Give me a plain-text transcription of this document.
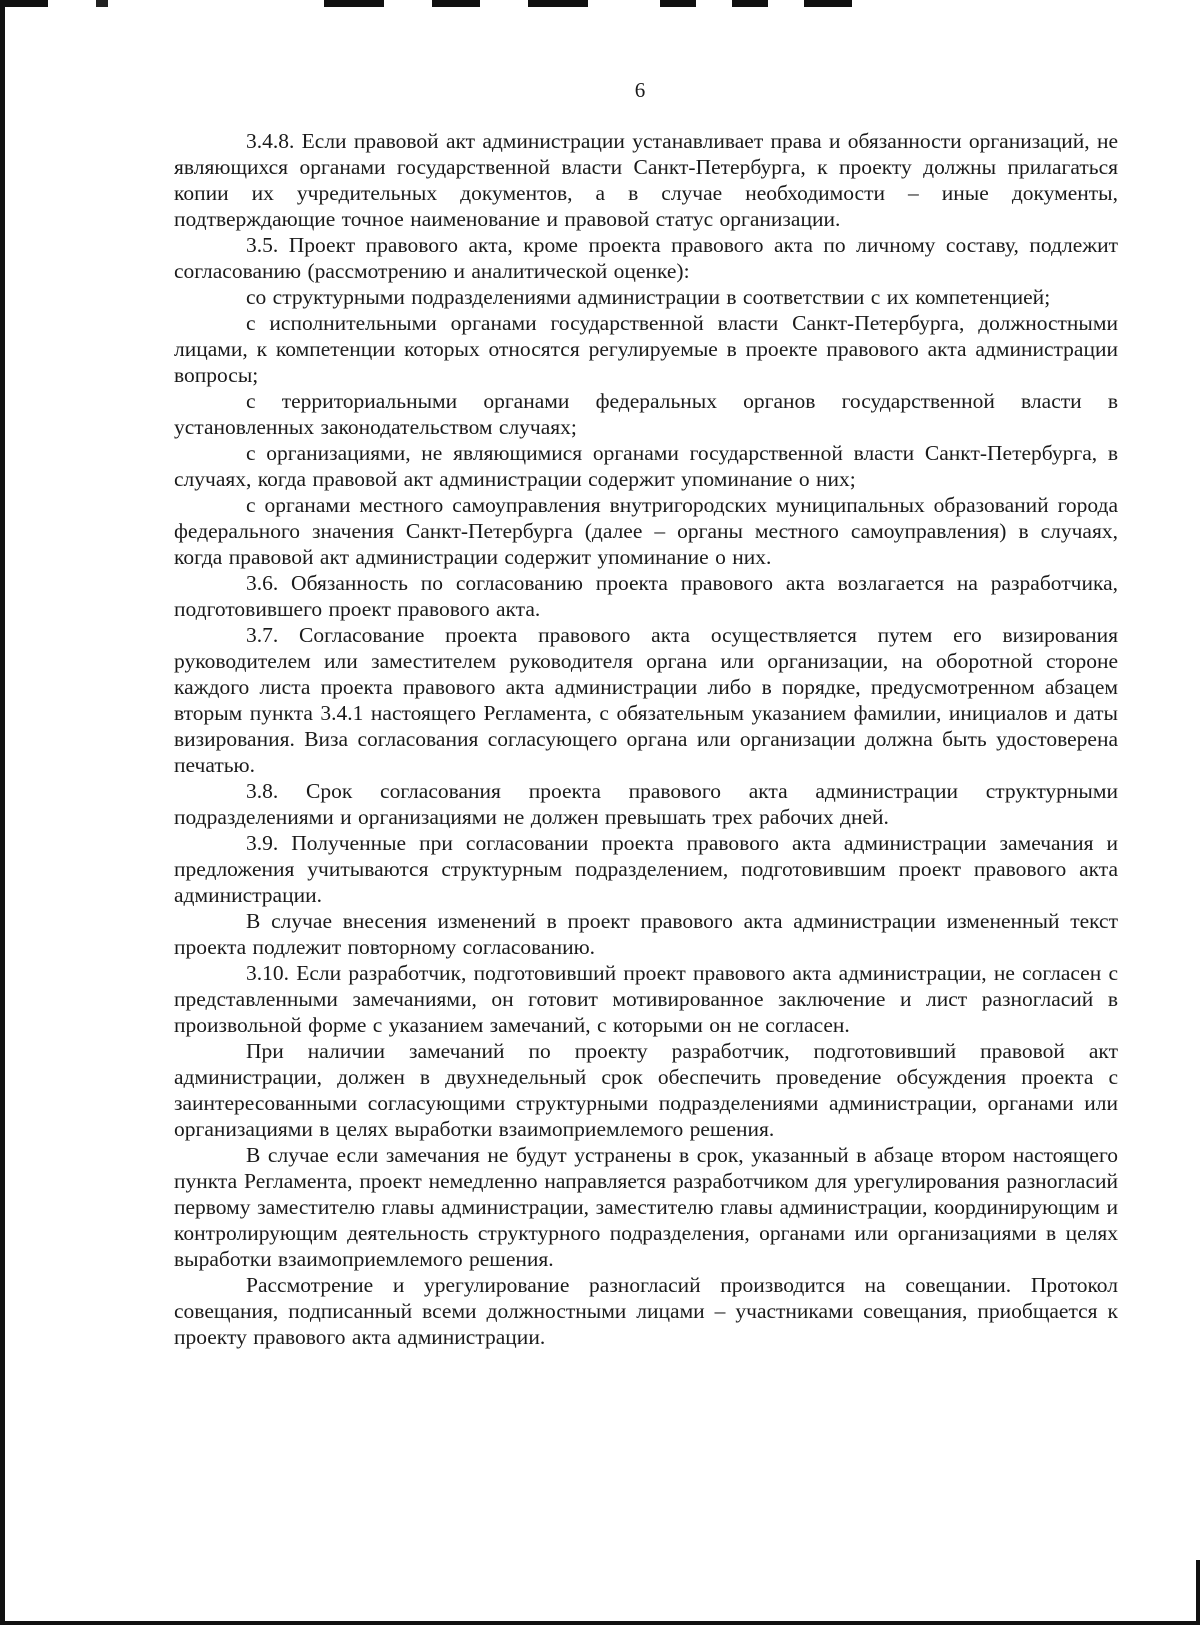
6

3.4.8. Если правовой акт администрации устанавливает права и обязанности организаций, не являющихся органами государственной власти Санкт-Петербурга, к проекту должны прилагаться копии их учредительных документов, а в случае необходимости – иные документы, подтверждающие точное наименование и правовой статус организации.

3.5. Проект правового акта, кроме проекта правового акта по личному составу, подлежит согласованию (рассмотрению и аналитической оценке):

со структурными подразделениями администрации в соответствии с их компетенцией;

с исполнительными органами государственной власти Санкт-Петербурга, должностными лицами, к компетенции которых относятся регулируемые в проекте правового акта администрации вопросы;

с территориальными органами федеральных органов государственной власти в установленных законодательством случаях;

с организациями, не являющимися органами государственной власти Санкт-Петербурга, в случаях, когда правовой акт администрации содержит упоминание о них;

с органами местного самоуправления внутригородских муниципальных образований города федерального значения Санкт-Петербурга (далее – органы местного самоуправления) в случаях, когда правовой акт администрации содержит упоминание о них.

3.6. Обязанность по согласованию проекта правового акта возлагается на разработчика, подготовившего проект правового акта.

3.7. Согласование проекта правового акта осуществляется путем его визирования руководителем или заместителем руководителя органа или организации, на оборотной стороне каждого листа проекта правового акта администрации либо в порядке, предусмотренном абзацем вторым пункта 3.4.1 настоящего Регламента, с обязательным указанием фамилии, инициалов и даты визирования. Виза согласования согласующего органа или организации должна быть удостоверена печатью.

3.8. Срок согласования проекта правового акта администрации структурными подразделениями и организациями не должен превышать трех рабочих дней.

3.9. Полученные при согласовании проекта правового акта администрации замечания и предложения учитываются структурным подразделением, подготовившим проект правового акта администрации.

В случае внесения изменений в проект правового акта администрации измененный текст проекта подлежит повторному согласованию.

3.10. Если разработчик, подготовивший проект правового акта администрации, не согласен с представленными замечаниями, он готовит мотивированное заключение и лист разногласий в произвольной форме с указанием замечаний, с которыми он не согласен.

При наличии замечаний по проекту разработчик, подготовивший правовой акт администрации, должен в двухнедельный срок обеспечить проведение обсуждения проекта с заинтересованными согласующими структурными подразделениями администрации, органами или организациями в целях выработки взаимоприемлемого решения.

В случае если замечания не будут устранены в срок, указанный в абзаце втором настоящего пункта Регламента, проект немедленно направляется разработчиком для урегулирования разногласий первому заместителю главы администрации, заместителю главы администрации, координирующим и контролирующим деятельность структурного подразделения, органами или организациями в целях выработки взаимоприемлемого решения.

Рассмотрение и урегулирование разногласий производится на совещании. Протокол совещания, подписанный всеми должностными лицами – участниками совещания, приобщается к проекту правового акта администрации.
